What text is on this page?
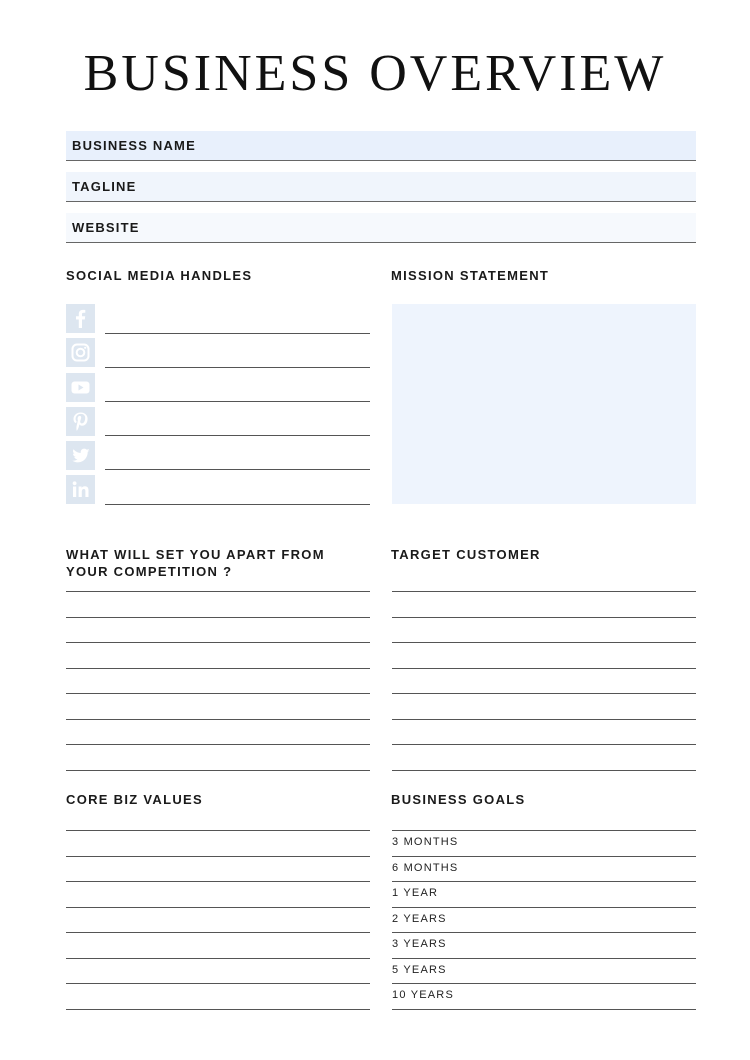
BUSINESS OVERVIEW
BUSINESS NAME
TAGLINE
WEBSITE
SOCIAL MEDIA HANDLES	MISSION STATEMENT
WHAT WILL SET YOU APART FROM
YOUR COMPETITION ?
TARGET CUSTOMER
CORE BIZ VALUES	BUSINESS GOALS
3 MONTHS
6 MONTHS
1 YEAR
2 YEARS
3 YEARS
5 YEARS
10 YEARS
